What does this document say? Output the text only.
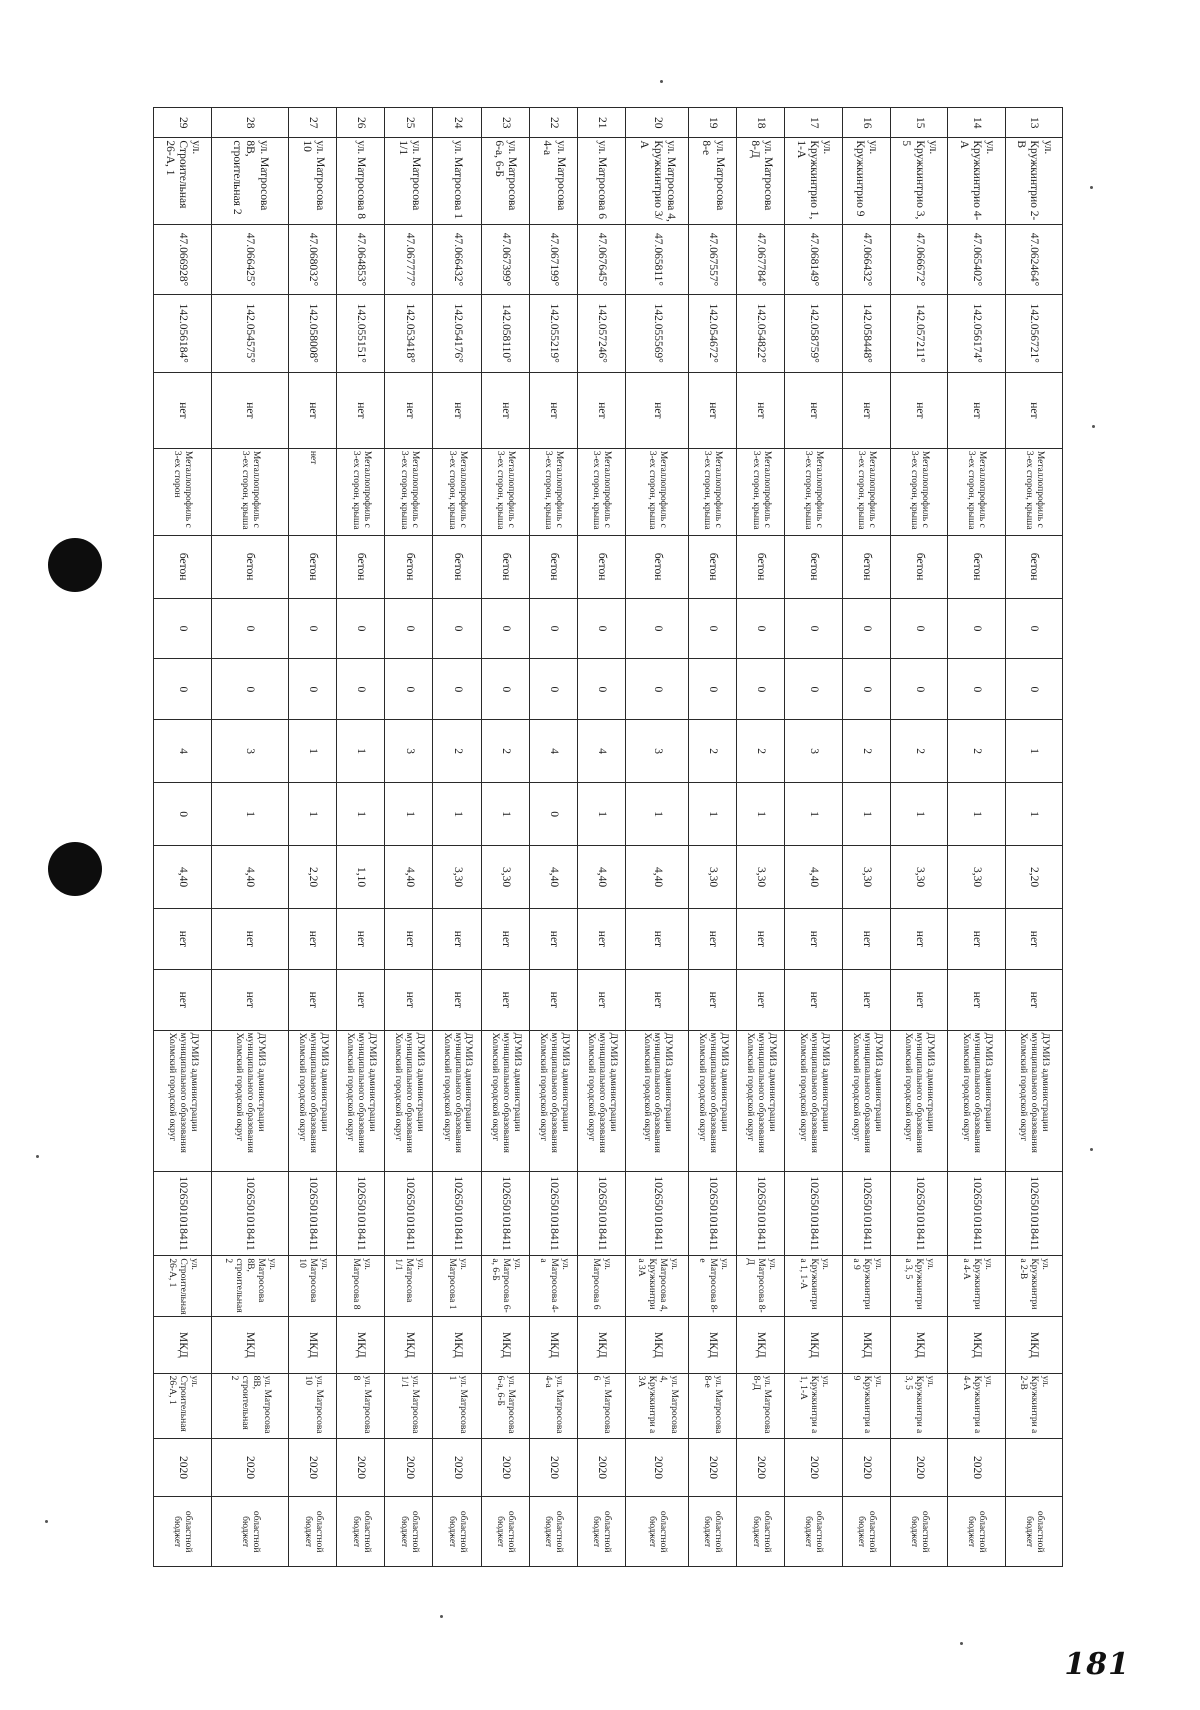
13	ул. Кружкинтрио 2-В	47.062464°	142.056721°	нет	Металлопрофиль с 3-ех сторон, крыша	бетон	0	0	1	1	2,20	нет	нет	ДУМИЗ администрации муниципального образования Холмский городской округ	1026501018411	ул. Кружкинтри а 2-В	МКД	ул. Кружкинтри а 2-В		областной бюджет
14	ул. Кружкинтрио 4-А	47.065402°	142.056174°	нет	Металлопрофиль с 3-ех сторон, крыша	бетон	0	0	2	1	3,30	нет	нет	ДУМИЗ администрации муниципального образования Холмский городской округ	1026501018411	ул. Кружкинтри а 4-А	МКД	ул. Кружкинтри а 4-А	2020	областной бюджет
15	ул. Кружкинтрио 3, 5	47.066672°	142.057211°	нет	Металлопрофиль с 3-ех сторон, крыша	бетон	0	0	2	1	3,30	нет	нет	ДУМИЗ администрации муниципального образования Холмский городской округ	1026501018411	ул. Кружкинтри а 3, 5	МКД	ул. Кружкинтри а 3, 5	2020	областной бюджет
16	ул. Кружкинтрио 9	47.066432°	142.058448°	нет	Металлопрофиль с 3-ех сторон, крыша	бетон	0	0	2	1	3,30	нет	нет	ДУМИЗ администрации муниципального образования Холмский городской округ	1026501018411	ул. Кружкинтри а 9	МКД	ул. Кружкинтри а 9	2020	областной бюджет
17	ул. Кружкинтрио 1, 1-А	47.068149°	142.058759°	нет	Металлопрофиль с 3-ех сторон, крыша	бетон	0	0	3	1	4,40	нет	нет	ДУМИЗ администрации муниципального образования Холмский городской округ	1026501018411	ул. Кружкинтри а 1, 1-А	МКД	ул. Кружкинтри а 1, 1-А	2020	областной бюджет
18	ул. Матросова 8-Д	47.067784°	142.054822°	нет	Металлопрофиль с 3-ех сторон, крыша	бетон	0	0	2	1	3,30	нет	нет	ДУМИЗ администрации муниципального образования Холмский городской округ	1026501018411	ул. Матросова 8-Д	МКД	ул. Матросова 8-Д	2020	областной бюджет
19	ул. Матросова 8-е	47.067557°	142.054672°	нет	Металлопрофиль с 3-ех сторон, крыша	бетон	0	0	2	1	3,30	нет	нет	ДУМИЗ администрации муниципального образования Холмский городской округ	1026501018411	ул. Матросова 8-е	МКД	ул. Матросова 8-е	2020	областной бюджет
20	ул. Матросова 4, Кружкинтрио 3/А	47.065811°	142.055569°	нет	Металлопрофиль с 3-ех сторон, крыша	бетон	0	0	3	1	4,40	нет	нет	ДУМИЗ администрации муниципального образования Холмский городской округ	1026501018411	ул. Матросова 4, Кружкинтри а 3А	МКД	ул. Матросова 4, Кружкинтри а 3А	2020	областной бюджет
21	ул. Матросова 6	47.067645°	142.057246°	нет	Металлопрофиль с 3-ех сторон, крыша	бетон	0	0	4	1	4,40	нет	нет	ДУМИЗ администрации муниципального образования Холмский городской округ	1026501018411	ул. Матросова 6	МКД	ул. Матросова 6	2020	областной бюджет
22	ул. Матросова 4-а	47.067199°	142.055219°	нет	Металлопрофиль с 3-ех сторон, крыша	бетон	0	0	4	0	4,40	нет	нет	ДУМИЗ администрации муниципального образования Холмский городской округ	1026501018411	ул. Матросова 4-а	МКД	ул. Матросова 4-а	2020	областной бюджет
23	ул. Матросова 6-а, 6-Б	47.067399°	142.058110°	нет	Металлопрофиль с 3-ех сторон, крыша	бетон	0	0	2	1	3,30	нет	нет	ДУМИЗ администрации муниципального образования Холмский городской округ	1026501018411	ул. Матросова 6-а, 6-Б	МКД	ул. Матросова 6-а, 6-Б	2020	областной бюджет
24	ул. Матросова 1	47.066432°	142.054176°	нет	Металлопрофиль с 3-ех сторон, крыша	бетон	0	0	2	1	3,30	нет	нет	ДУМИЗ администрации муниципального образования Холмский городской округ	1026501018411	ул. Матросова 1	МКД	ул. Матросова 1	2020	областной бюджет
25	ул. Матросова 1/1	47.067777°	142.053418°	нет	Металлопрофиль с 3-ех сторон, крыша	бетон	0	0	3	1	4,40	нет	нет	ДУМИЗ администрации муниципального образования Холмский городской округ	1026501018411	ул. Матросова 1/1	МКД	ул. Матросова 1/1	2020	областной бюджет
26	ул. Матросова 8	47.064853°	142.055151°	нет	Металлопрофиль с 3-ех сторон, крыша	бетон	0	0	1	1	1,10	нет	нет	ДУМИЗ администрации муниципального образования Холмский городской округ	1026501018411	ул. Матросова 8	МКД	ул. Матросова 8	2020	областной бюджет
27	ул. Матросова 10	47.068032°	142.058008°	нет	нет	бетон	0	0	1	1	2,20	нет	нет	ДУМИЗ администрации муниципального образования Холмский городской округ	1026501018411	ул. Матросова 10	МКД	ул. Матросова 10	2020	областной бюджет
28	ул. Матросова 8В, строительная 2	47.066425°	142.054575°	нет	Металлопрофиль с 3-ех сторон, крыша	бетон	0	0	3	1	4,40	нет	нет	ДУМИЗ администрации муниципального образования Холмский городской округ	1026501018411	ул. Матросова 8В, строительная 2	МКД	ул. Матросова 8В, строительная 2	2020	областной бюджет
29	ул. Строительная 26-А, 1	47.066928°	142.056184°	нет	Металлопрофиль с 3-ех сторон	бетон	0	0	4	0	4,40	нет	нет	ДУМИЗ администрации муниципального образования Холмский городской округ	1026501018411	ул. Строительная 26-А, 1	МКД	ул. Строительная 26-А, 1	2020	областной бюджет
181
